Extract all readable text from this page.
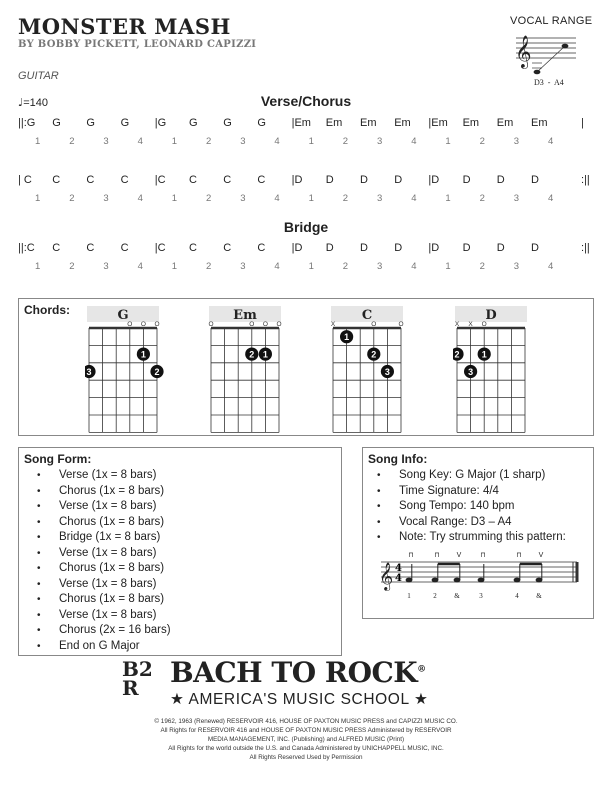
MONSTER MASH
BY BOBBY PICKETT, LEONARD CAPIZZI
GUITAR
VOCAL RANGE
𝄞
D3 - A4
♩=140	Verse/Chorus
||:G G G G |G G G G |Em Em Em Em |Em Em Em Em	|
1	2	3	4	1	2	3	4	1	2	3	4	1	2	3	4
| C C C C |C C C C |D D D D |D D D D	:||
1	2	3	4	1	2	3	4	1	2	3	4	1	2	3	4
Bridge
||:C C C C |C C C C |D D D D |D D D D	:||
1	2	3	4	1	2	3	4	1	2	3	4	1	2	3	4
Chords:	G
O O O
1
2
3
Em
O	O O O
1
2
C
X	O	O
1
2
3
D
X X O
1
2
3
Song Form:
• Verse (1x = 8 bars)
• Chorus (1x = 8 bars)
• Verse (1x = 8 bars)
• Chorus (1x = 8 bars)
• Bridge (1x = 8 bars)
• Verse (1x = 8 bars)
• Chorus (1x = 8 bars)
• Verse (1x = 8 bars)
• Chorus (1x = 8 bars)
• Verse (1x = 8 bars)
• Chorus (2x = 16 bars)
• End on G Major
Song Info:
• Song Key: G Major (1 sharp)
• Time Signature: 4/4
• Song Tempo: 140 bpm
• Vocal Range: D3 – A4
• Note: Try strumming this pattern:
𝄞 4
4
⊓
1
⊓
2
V
&
⊓
3
⊓
4
V
&
B2
R	BACH TO ROCK®
★ AMERICA'S MUSIC SCHOOL ★
© 1962, 1963 (Renewed) RESERVOIR 416, HOUSE OF PAXTON MUSIC PRESS and CAPIZZI MUSIC CO.
All Rights for RESERVOIR 416 and HOUSE OF PAXTON MUSIC PRESS Administered by RESERVOIR
MEDIA MANAGEMENT, INC. (Publishing) and ALFRED MUSIC (Print)
All Rights for the world outside the U.S. and Canada Administered by UNICHAPPELL MUSIC, INC.
All Rights Reserved Used by Permission
